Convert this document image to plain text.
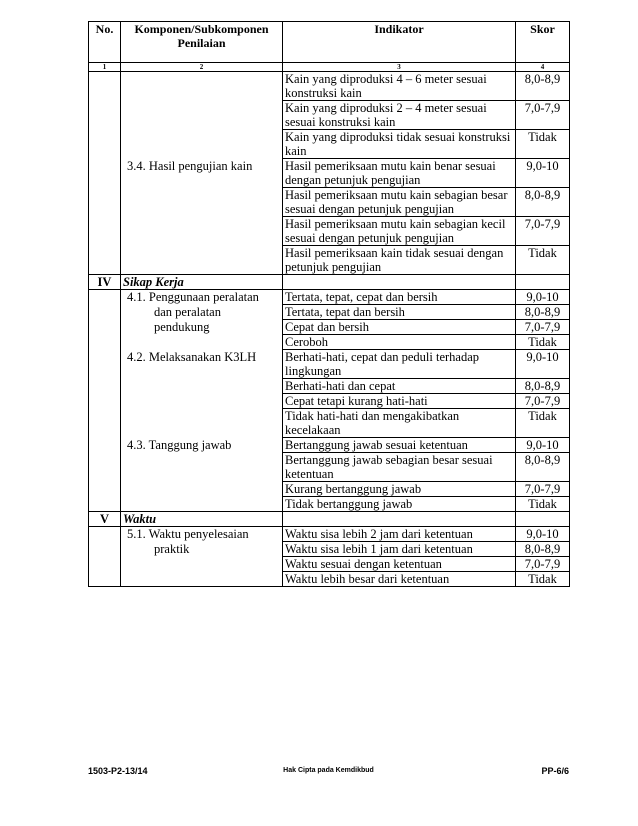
No.	Komponen/Subkomponen Penilaian	Indikator	Skor
1	2	3	4
		Kain yang diproduksi 4 – 6 meter sesuai konstruksi kain	8,0-8,9
		Kain yang diproduksi 2 – 4 meter sesuai sesuai konstruksi kain	7,0-7,9
		Kain yang diproduksi tidak sesuai konstruksi kain	Tidak
	3.4. Hasil pengujian kain	Hasil pemeriksaan mutu kain benar sesuai dengan petunjuk pengujian	9,0-10
		Hasil pemeriksaan mutu kain sebagian besar sesuai dengan petunjuk pengujian	8,0-8,9
		Hasil pemeriksaan mutu kain sebagian kecil sesuai dengan petunjuk pengujian	7,0-7,9
		Hasil pemeriksaan kain tidak sesuai dengan petunjuk pengujian	Tidak
IV	Sikap Kerja		
	4.1. Penggunaan peralatan	Tertata, tepat, cepat dan bersih	9,0-10
	dan peralatan	Tertata, tepat dan bersih	8,0-8,9
	pendukung	Cepat dan bersih	7,0-7,9
		Ceroboh	Tidak
	4.2. Melaksanakan K3LH	Berhati-hati, cepat dan peduli terhadap lingkungan	9,0-10
		Berhati-hati dan cepat	8,0-8,9
		Cepat tetapi kurang hati-hati	7,0-7,9
		Tidak hati-hati dan mengakibatkan kecelakaan	Tidak
	4.3. Tanggung jawab	Bertanggung jawab sesuai ketentuan	9,0-10
		Bertanggung jawab sebagian besar sesuai ketentuan	8,0-8,9
		Kurang bertanggung jawab	7,0-7,9
		Tidak bertanggung jawab	Tidak
V	Waktu		
	5.1. Waktu penyelesaian	Waktu sisa lebih 2 jam dari ketentuan	9,0-10
	praktik	Waktu sisa lebih 1 jam dari ketentuan	8,0-8,9
		Waktu sesuai dengan ketentuan	7,0-7,9
		Waktu lebih besar dari ketentuan	Tidak
1503-P2-13/14	Hak Cipta pada Kemdikbud	PP-6/6
